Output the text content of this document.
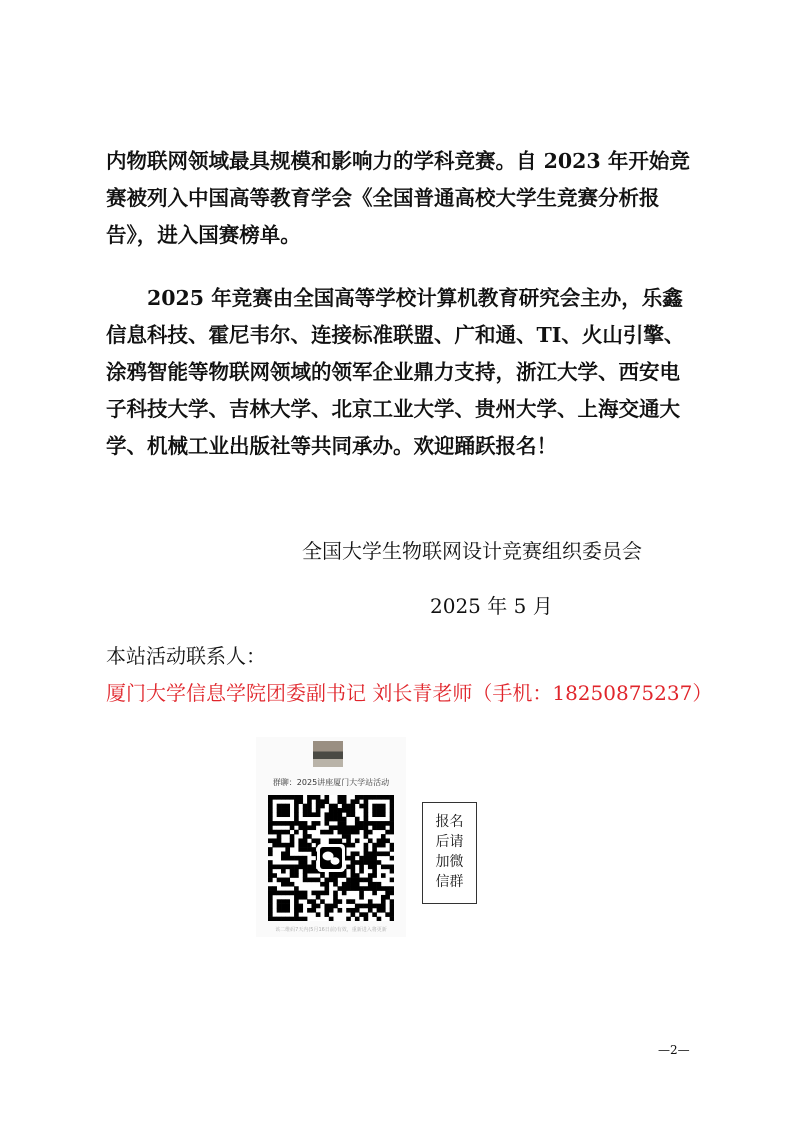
内物联网领域最具规模和影响力的学科竞赛。自 2023 年开始竞
赛被列入中国高等教育学会《全国普通高校大学生竞赛分析报
告》，进入国赛榜单。
2025 年竞赛由全国高等学校计算机教育研究会主办，乐鑫
信息科技、霍尼韦尔、连接标准联盟、广和通、TI、火山引擎、
涂鸦智能等物联网领域的领军企业鼎力支持，浙江大学、西安电
子科技大学、吉林大学、北京工业大学、贵州大学、上海交通大
学、机械工业出版社等共同承办。欢迎踊跃报名！
全国大学生物联网设计竞赛组织委员会
2025 年 5 月
本站活动联系人：
厦门大学信息学院团委副书记 刘长青老师（手机：18250875237）
群聊：2025讲座厦门大学站活动
该二维码7天内(5月16日前)有效，重新进入将更新
报名
后请
加微
信群
—2—
